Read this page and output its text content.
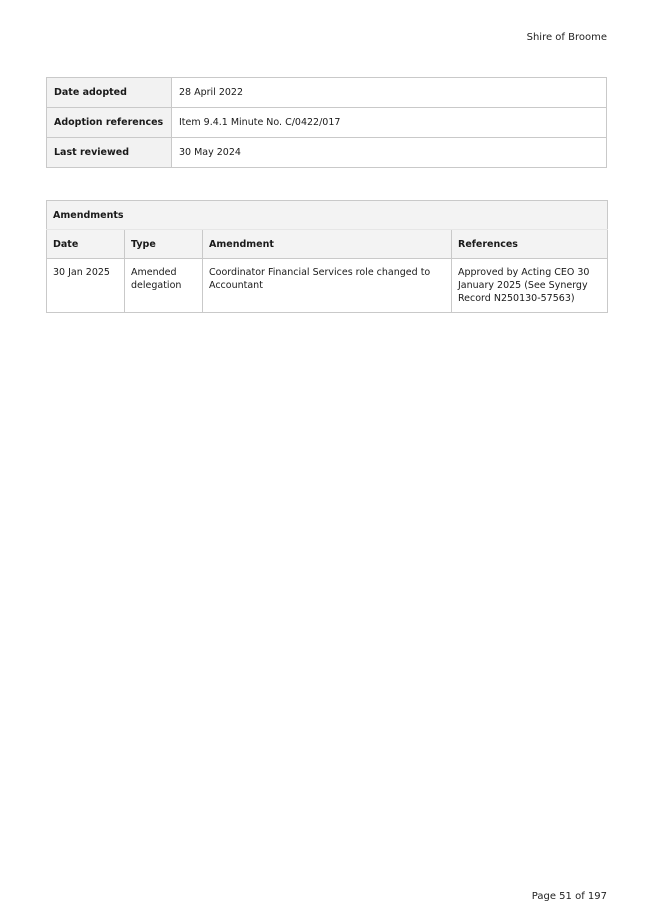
Shire of Broome
Date adopted	28 April 2022
Adoption references	Item 9.4.1 Minute No. C/0422/017
Last reviewed	30 May 2024
Amendments			
Date	Type	Amendment	References
30 Jan 2025	Amended delegation	Coordinator Financial Services role changed to Accountant	Approved by Acting CEO 30 January 2025 (See Synergy Record N250130-57563)
Page 51 of 197
